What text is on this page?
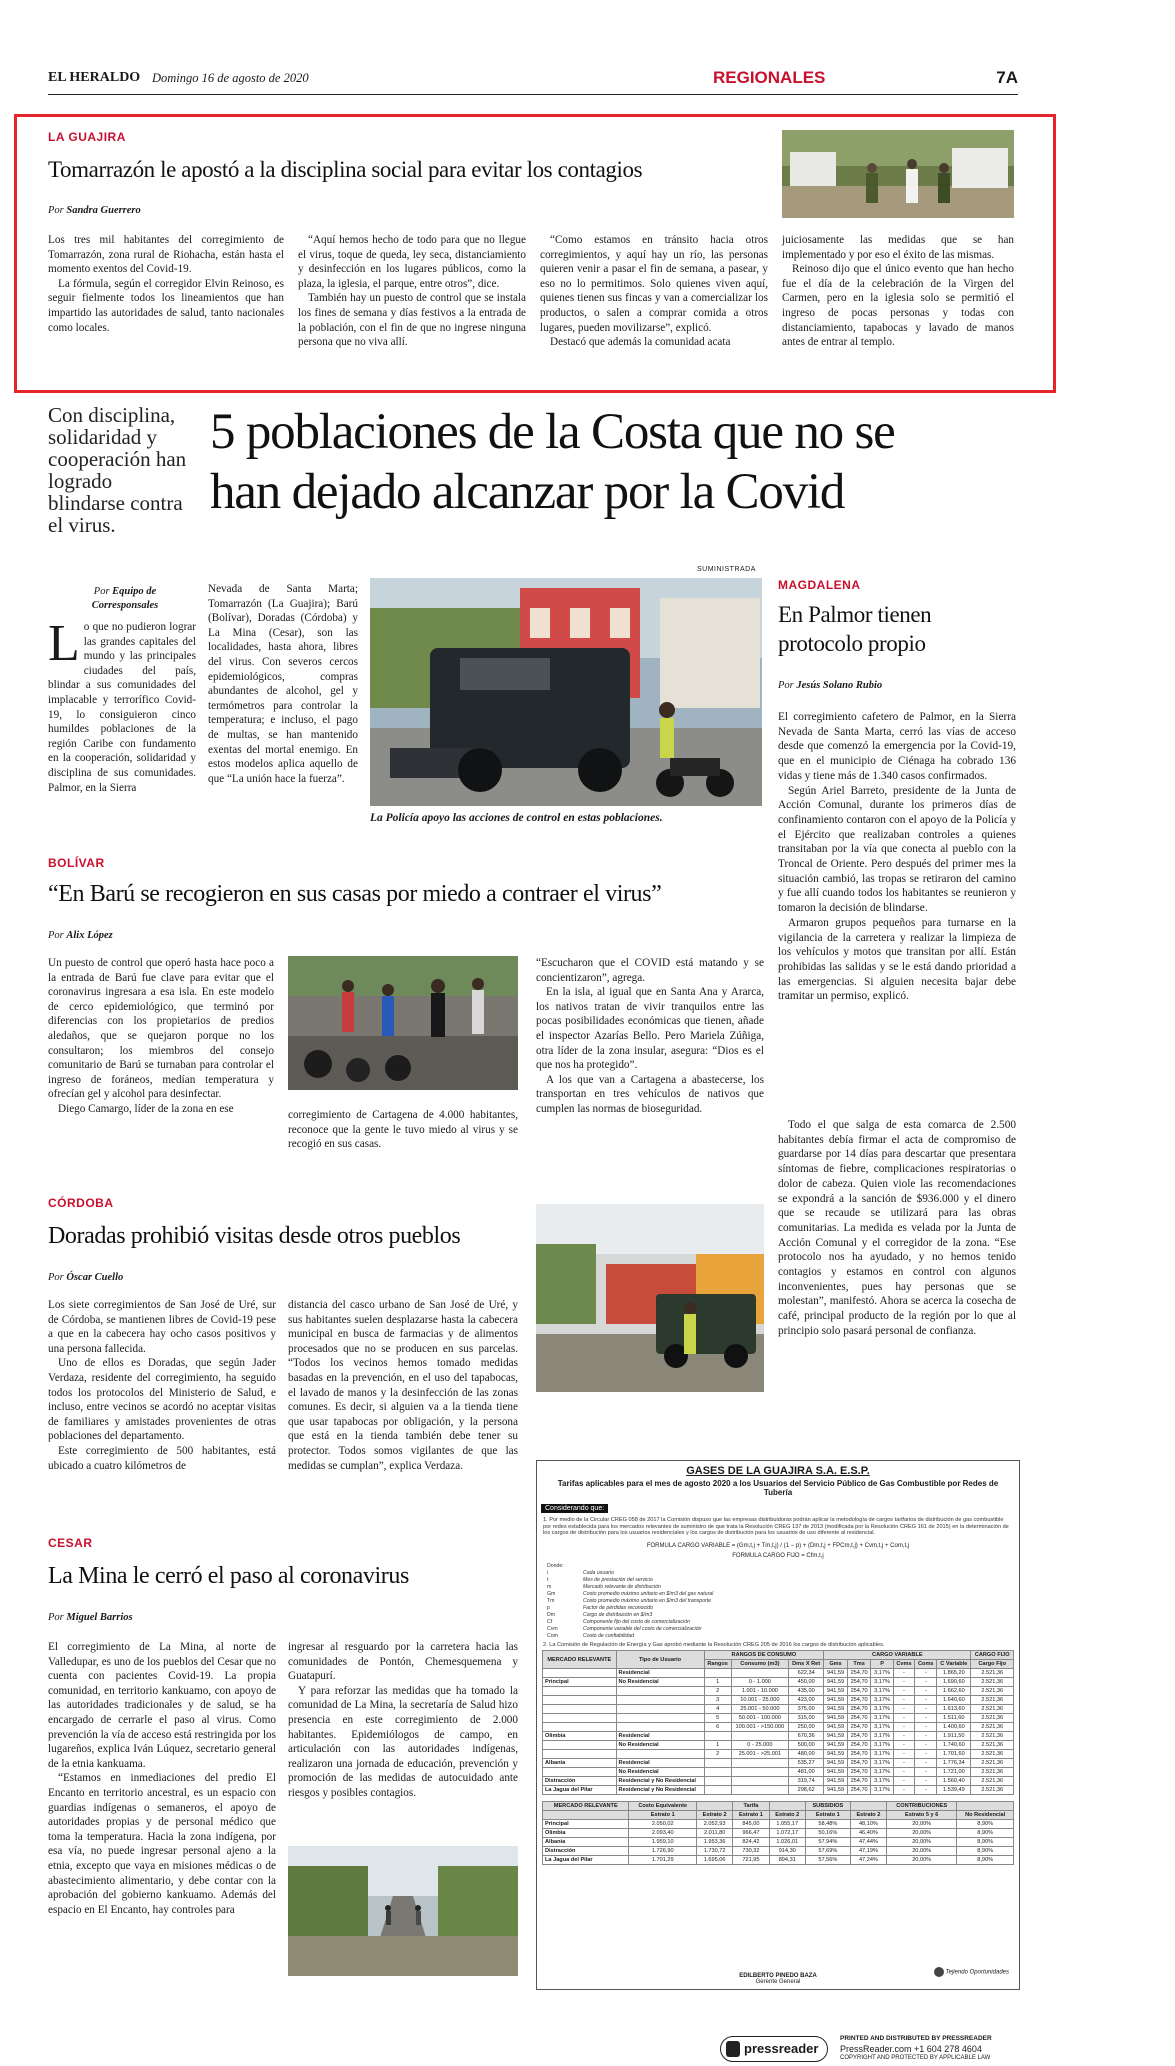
EL HERALDO Domingo 16 de agosto de 2020	REGIONALES	7A
LA GUAJIRA
Tomarrazón le apostó a la disciplina social para evitar los contagios
Por Sandra Guerrero

Los tres mil habitantes del corregimiento de Tomarrazón, zona rural de Riohacha, están hasta el momento exentos del Covid-19.

La fórmula, según el corregidor Elvin Reinoso, es seguir fielmente todos los lineamientos que han impartido las autoridades de salud, tanto nacionales como locales.

“Aquí hemos hecho de todo para que no llegue el virus, toque de queda, ley seca, distanciamiento y desinfección en los lugares públicos, como la plaza, la iglesia, el parque, entre otros”, dice.

También hay un puesto de control que se instala los fines de semana y días festivos a la entrada de la población, con el fin de que no ingrese ninguna persona que no viva allí.

“Como estamos en tránsito hacia otros corregimientos, y aquí hay un río, las personas quieren venir a pasar el fin de semana, a pasear, y eso no lo permitimos. Solo quienes viven aquí, quienes tienen sus fincas y van a comercializar los productos, o salen a comprar comida a otros lugares, pueden movilizarse”, explicó.

Destacó que además la comunidad acata

juiciosamente las medidas que se han implementado y por eso el éxito de las mismas.

Reinoso dijo que el único evento que han hecho fue el día de la celebración de la Virgen del Carmen, pero en la iglesia solo se permitió el ingreso de pocas personas y todas con distanciamiento, tapabocas y lavado de manos antes de entrar al templo.

Con disciplina, solidaridad y cooperación han logrado blindarse contra el virus.
5 poblaciones de la Costa que no se
han dejado alcanzar por la Covid
Por Equipo de Corresponsales
L o que no pudieron lograr las grandes capitales del mundo y las principales ciudades del país, blindar a sus comunidades del implacable y terrorífico Covid-19, lo consiguieron cinco humildes poblaciones de la región Caribe con fundamento en la cooperación, solidaridad y disciplina de sus comunidades. Palmor, en la Sierra
Nevada de Santa Marta; Tomarrazón (La Guajira); Barú (Bolívar), Doradas (Córdoba) y La Mina (Cesar), son las localidades, hasta ahora, libres del virus. Con severos cercos epidemiológicos, compras abundantes de alcohol, gel y termómetros para controlar la temperatura; e incluso, el pago de multas, se han mantenido exentas del mortal enemigo. En estos modelos aplica aquello de que “La unión hace la fuerza”.
SUMINISTRADA
La Policía apoyo las acciones de control en estas poblaciones.
MAGDALENA
En Palmor tienen protocolo propio
Por Jesús Solano Rubio

El corregimiento cafetero de Palmor, en la Sierra Nevada de Santa Marta, cerró las vías de acceso desde que comenzó la emergencia por la Covid-19, que en el municipio de Ciénaga ha cobrado 136 vidas y tiene más de 1.340 casos confirmados.

Según Ariel Barreto, presidente de la Junta de Acción Comunal, durante los primeros días de confinamiento contaron con el apoyo de la Policía y el Ejército que realizaban controles a quienes transitaban por la vía que conecta al pueblo con la Troncal de Oriente. Pero después del primer mes la situación cambió, las tropas se retiraron del camino y fue allí cuando todos los habitantes se reunieron y tomaron la decisión de blindarse.

Armaron grupos pequeños para turnarse en la vigilancia de la carretera y realizar la limpieza de los vehículos y motos que transitan por allí. Están prohibidas las salidas y se le está dando prioridad a las emergencias. Si alguien necesita bajar debe tramitar un permiso, explicó.

Todo el que salga de esta comarca de 2.500 habitantes debía firmar el acta de compromiso de guardarse por 14 días para descartar que presentara síntomas de fiebre, complicaciones respiratorias o dolor de cabeza. Quien viole las recomendaciones se expondrá a la sanción de $936.000 y el dinero que se recaude se utilizará para las obras comunitarias. La medida es velada por la Junta de Acción Comunal y el corregidor de la zona. “Ese protocolo nos ha ayudado, y no hemos tenido contagios y estamos en control con algunos inconvenientes, pues hay personas que se molestan”, manifestó. Ahora se acerca la cosecha de café, principal producto de la región por lo que al principio solo pasará personal de confianza.

BOLÍVAR
“En Barú se recogieron en sus casas por miedo a contraer el virus”
Por Alix López

Un puesto de control que operó hasta hace poco a la entrada de Barú fue clave para evitar que el coronavirus ingresara a esa isla. En este modelo de cerco epidemiológico, que terminó por diferencias con los propietarios de predios aledaños, que se quejaron porque no los consultaron; los miembros del consejo comunitario de Barú se turnaban para controlar el ingreso de foráneos, medían temperatura y ofrecían gel y alcohol para desinfectar.

Diego Camargo, líder de la zona en ese

corregimiento de Cartagena de 4.000 habitantes, reconoce que la gente le tuvo miedo al virus y se recogió en sus casas.

“Escucharon que el COVID está matando y se concientizaron”, agrega.

En la isla, al igual que en Santa Ana y Ararca, los nativos tratan de vivir tranquilos entre las pocas posibilidades económicas que tienen, añade el inspector Azarías Bello. Pero Mariela Zúñiga, otra líder de la zona insular, asegura: “Dios es el que nos ha protegido”.

A los que van a Cartagena a abastecerse, los transportan en tres vehículos de nativos que cumplen las normas de bioseguridad.

CÓRDOBA
Doradas prohibió visitas desde otros pueblos
Por Óscar Cuello

Los siete corregimientos de San José de Uré, sur de Córdoba, se mantienen libres de Covid-19 pese a que en la cabecera hay ocho casos positivos y una persona fallecida.

Uno de ellos es Doradas, que según Jader Verdaza, residente del corregimiento, ha seguido todos los protocolos del Ministerio de Salud, e incluso, entre vecinos se acordó no aceptar visitas de familiares y amistades provenientes de otras poblaciones del departamento.

Este corregimiento de 500 habitantes, está ubicado a cuatro kilómetros de

distancia del casco urbano de San José de Uré, y sus habitantes suelen desplazarse hasta la cabecera municipal en busca de farmacias y de alimentos procesados que no se producen en sus parcelas. “Todos los vecinos hemos tomado medidas basadas en la prevención, en el uso del tapabocas, el lavado de manos y la desinfección de las zonas comunes. Es decir, si alguien va a la tienda tiene que usar tapabocas por obligación, y la persona que está en la tienda también debe tener su protector. Todos somos vigilantes de que las medidas se cumplan”, explica Verdaza.

CESAR
La Mina le cerró el paso al coronavirus
Por Miguel Barrios

El corregimiento de La Mina, al norte de Valledupar, es uno de los pueblos del Cesar que no cuenta con pacientes Covid-19. La propia comunidad, en territorio kankuamo, con apoyo de las autoridades tradicionales y de salud, se ha encargado de cerrarle el paso al virus. Como prevención la vía de acceso está restringida por los lugareños, explica Iván Lúquez, secretario general de la etnia kankuama.

“Estamos en inmediaciones del predio El Encanto en territorio ancestral, es un espacio con guardias indígenas o semaneros, el apoyo de autoridades propias y de personal médico que toma la temperatura. Hacia la zona indígena, por esa vía, no puede ingresar personal ajeno a la etnia, excepto que vaya en misiones médicas o de abastecimiento alimentario, y debe contar con la aprobación del gobierno kankuamo. Además del espacio en El Encanto, hay controles para

ingresar al resguardo por la carretera hacia las comunidades de Pontón, Chemesquemena y Guatapurí.

Y para reforzar las medidas que ha tomado la comunidad de La Mina, la secretaría de Salud hizo presencia en este corregimiento de 2.000 habitantes. Epidemiólogos de campo, en articulación con las autoridades indígenas, realizaron una jornada de educación, prevención y promoción de las medidas de autocuidado ante riesgos y posibles contagios.

GASES DE LA GUAJIRA S.A. E.S.P.
Tarifas aplicables para el mes de agosto 2020 a los Usuarios del Servicio Público de Gas Combustible por Redes de Tubería
Considerando que:
1. Por medio de la Circular CREG 058 de 2017 la Comisión dispuso que las empresas distribuidoras podrán aplicar la metodología de cargos tarifarios de distribución de gas combustible por redes establecida para los mercados relevantes de suministro de que trata la Resolución CREG 137 de 2013 (modificada por la Resolución CREG 161 de 2015) en la determinación de los cargos de distribución para los usuarios residenciales y los cargos de distribución para los usuarios de uso diferente al residencial.
FORMULA CARGO VARIABLE = (Gm,t,j + Tm,t,j) / (1 − p) + (Dm,t,j + FPCm,t,j) + Cvm,t,j + Com,t,j
FORMULA CARGO FIJO = Cfm,t,j
Donde:
i	Cada usuario
t	Mes de prestación del servicio
m	Mercado relevante de distribución
Gm	Costo promedio máximo unitario en $/m3 del gas natural
Tm	Costo promedio máximo unitario en $/m3 del transporte
p	Factor de pérdidas reconocido
Dm	Cargo de distribución en $/m3
Cf	Componente fijo del costo de comercialización
Cvm	Componente variable del costo de comercialización
Com	Costo de confiabilidad
2. La Comisión de Regulación de Energía y Gas aprobó mediante la Resolución CREG 205 de 2016 los cargos de distribución aplicables.
MERCADO RELEVANTE	Tipo de Usuario	RANGOS DE CONSUMO			CARGO VARIABLE						CARGO FIJO
		Rangos	Consumo (m3)	Dms X Ret	Gms	Tms	P	Cvms	Coms	C Variable	Cargo Fijo
	Residencial			622,34	941,59	254,70	3,17%	-	-	1.865,20	2.521,36
Principal	No Residencial	1	0 - 1.000	450,00	941,59	254,70	3,17%	-	-	1.690,60	2.521,36
		2	1.001 - 10.000	435,00	941,59	254,70	3,17%	-	-	1.662,60	2.521,36
		3	10.001 - 25.000	423,00	941,59	254,70	3,17%	-	-	1.640,60	2.521,36
		4	25.001 - 50.000	375,00	941,59	254,70	3,17%	-	-	1.613,60	2.521,36
		5	50.001 - 100.000	315,00	941,59	254,70	3,17%	-	-	1.511,60	2.521,36
		6	100.001 - >150.000	250,00	941,59	254,70	3,17%	-	-	1.400,60	2.521,36
Olimbia	Residencial			670,36	941,59	254,70	3,17%	-	-	1.911,50	2.521,36
	No Residencial	1	0 - 25.000	500,00	941,59	254,70	3,17%	-	-	1.740,60	2.521,36
		2	25.001 - >25.001	480,00	941,59	254,70	3,17%	-	-	1.701,60	2.521,36
Albania	Residencial			535,27	941,59	254,70	3,17%	-	-	1.776,34	2.521,36
	No Residencial			481,00	941,59	254,70	3,17%	-	-	1.721,00	2.521,36
Distracción	Residencial y No Residencial			319,74	941,59	254,70	3,17%	-	-	1.560,40	2.521,36
La Jagua del Pilar	Residencial y No Residencial			298,62	941,59	254,70	3,17%	-	-	1.539,49	2.521,36
MERCADO RELEVANTE	Costo Equivalente		Tarifa		SUBSIDIOS		CONTRIBUCIONES	
	Estrato 1	Estrato 2	Estrato 1	Estrato 2	Estrato 1	Estrato 2	Estrato 5 y 6	No Residencial
Principal	2.050,02	2.052,93	845,00	1.055,17	58,48%	48,10%	20,00%	8,90%
Olimbia	2.093,40	2.011,80	966,47	1.072,17	50,16%	46,40%	20,00%	8,90%
Albania	1.959,10	1.953,36	824,42	1.026,01	57,94%	47,44%	20,00%	8,90%
Distracción	1.726,90	1.730,72	730,32	914,30	57,69%	47,19%	20,00%	8,90%
La Jagua del Pilar	1.701,29	1.695,06	721,95	894,31	57,56%	47,24%	20,00%	8,90%
EDILBERTO PINEDO BAZA
Gerente General
Tejiendo Oportunidades
pressreader
PRINTED AND DISTRIBUTED BY PRESSREADER
PressReader.com +1 604 278 4604
COPYRIGHT AND PROTECTED BY APPLICABLE LAW
